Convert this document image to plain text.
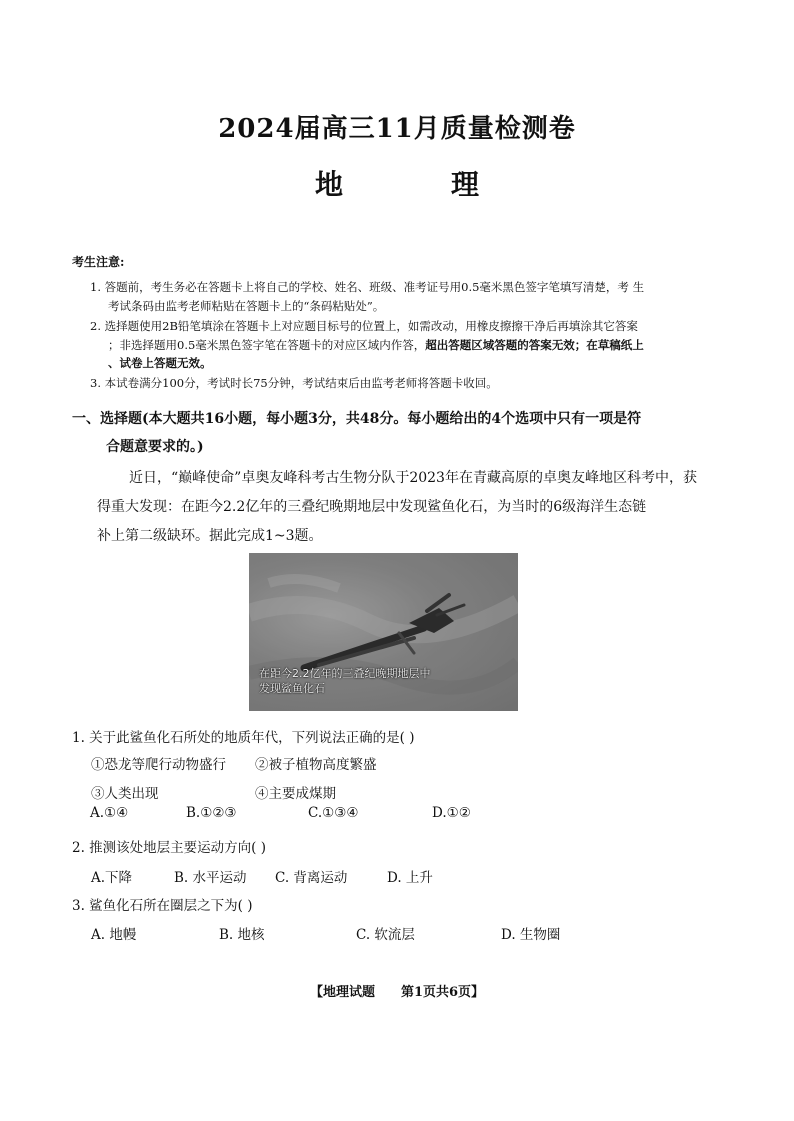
2024届高三11月质量检测卷
地　理
考生注意:
1. 答题前，考生务必在答题卡上将自己的学校、姓名、班级、准考证号用0.5毫米黑色签字笔填写清楚，考 生
考试条码由监考老师粘贴在答题卡上的“条码粘贴处”。
2. 选择题使用2B铅笔填涂在答题卡上对应题目标号的位置上，如需改动，用橡皮擦擦干净后再填涂其它答案
；非选择题用0.5毫米黑色签字笔在答题卡的对应区域内作答，超出答题区域答题的答案无效；在草稿纸上
、试卷上答题无效。
3. 本试卷满分100分，考试时长75分钟，考试结束后由监考老师将答题卡收回。
一、选择题(本大题共16小题，每小题3分，共48分。每小题给出的4个选项中只有一项是符
合题意要求的。)
近日，“巅峰使命”卓奥友峰科考古生物分队于2023年在青藏高原的卓奥友峰地区科考中，获
得重大发现：在距今2.2亿年的三叠纪晚期地层中发现鲨鱼化石，为当时的6级海洋生态链
补上第二级缺环。据此完成1~3题。
在距今2.2亿年的三叠纪晚期地层中
发现鲨鱼化石
1. 关于此鲨鱼化石所处的地质年代，下列说法正确的是( )
①恐龙等爬行动物盛行 ②被子植物高度繁盛
③人类出现	④主要成煤期
A.①④	B.①②③	C.①③④	D.①②
2. 推测该处地层主要运动方向( )
A.下降	B. 水平运动 C. 背离运动	D. 上升
3. 鲨鱼化石所在圈层之下为( )
A. 地幔	B. 地核	C. 软流层	D. 生物圈
【地理试题　　第1页共6页】
